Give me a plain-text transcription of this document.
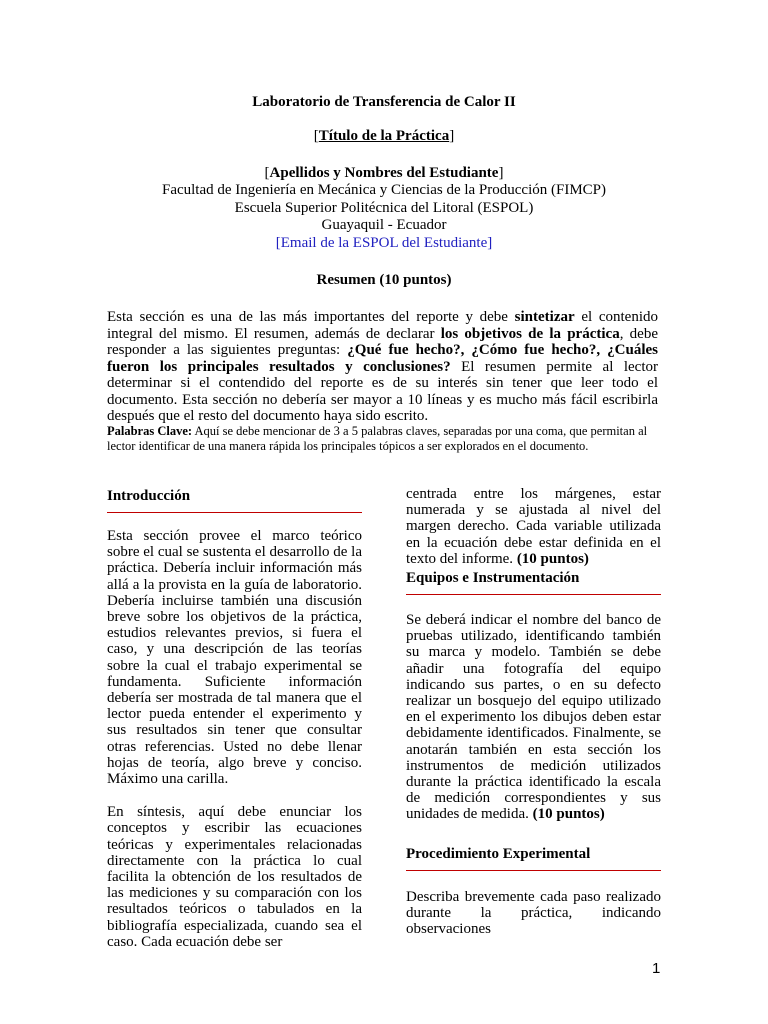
Laboratorio de Transferencia de Calor II
[Título de la Práctica]
[Apellidos y Nombres del Estudiante]
Facultad de Ingeniería en Mecánica y Ciencias de la Producción (FIMCP)
Escuela Superior Politécnica del Litoral (ESPOL)
Guayaquil - Ecuador
[Email de la ESPOL del Estudiante]
Resumen (10 puntos)
Esta sección es una de las más importantes del reporte y debe sintetizar el contenido integral del mismo. El resumen, además de declarar los objetivos de la práctica, debe responder a las siguientes preguntas: ¿Qué fue hecho?, ¿Cómo fue hecho?, ¿Cuáles fueron los principales resultados y conclusiones? El resumen permite al lector determinar si el contendido del reporte es de su interés sin tener que leer todo el documento. Esta sección no debería ser mayor a 10 líneas y es mucho más fácil escribirla después que el resto del documento haya sido escrito.
Palabras Clave: Aquí se debe mencionar de 3 a 5 palabras claves, separadas por una coma, que permitan al lector identificar de una manera rápida los principales tópicos a ser explorados en el documento.
Introducción

Esta sección provee el marco teórico sobre el cual se sustenta el desarrollo de la práctica. Debería incluir información más allá a la provista en la guía de laboratorio. Debería incluirse también una discusión breve sobre los objetivos de la práctica, estudios relevantes previos, si fuera el caso, y una descripción de las teorías sobre la cual el trabajo experimental se fundamenta. Suficiente información debería ser mostrada de tal manera que el lector pueda entender el experimento y sus resultados sin tener que consultar otras referencias. Usted no debe llenar hojas de teoría, algo breve y conciso. Máximo una carilla.

En síntesis, aquí debe enunciar los conceptos y escribir las ecuaciones teóricas y experimentales relacionadas directamente con la práctica lo cual facilita la obtención de los resultados de las mediciones y su comparación con los resultados teóricos o tabulados en la bibliografía especializada, cuando sea el caso. Cada ecuación debe ser

centrada entre los márgenes, estar numerada y se ajustada al nivel del margen derecho. Cada variable utilizada en la ecuación debe estar definida en el texto del informe. (10 puntos)
Equipos e Instrumentación
Se deberá indicar el nombre del banco de pruebas utilizado, identificando también su marca y modelo. También se debe añadir una fotografía del equipo indicando sus partes, o en su defecto realizar un bosquejo del equipo utilizado en el experimento los dibujos deben estar debidamente identificados. Finalmente, se anotarán también en esta sección los instrumentos de medición utilizados durante la práctica identificado la escala de medición correspondientes y sus unidades de medida. (10 puntos)
Procedimiento Experimental
Describa brevemente cada paso realizado durante la práctica, indicando observaciones
1
